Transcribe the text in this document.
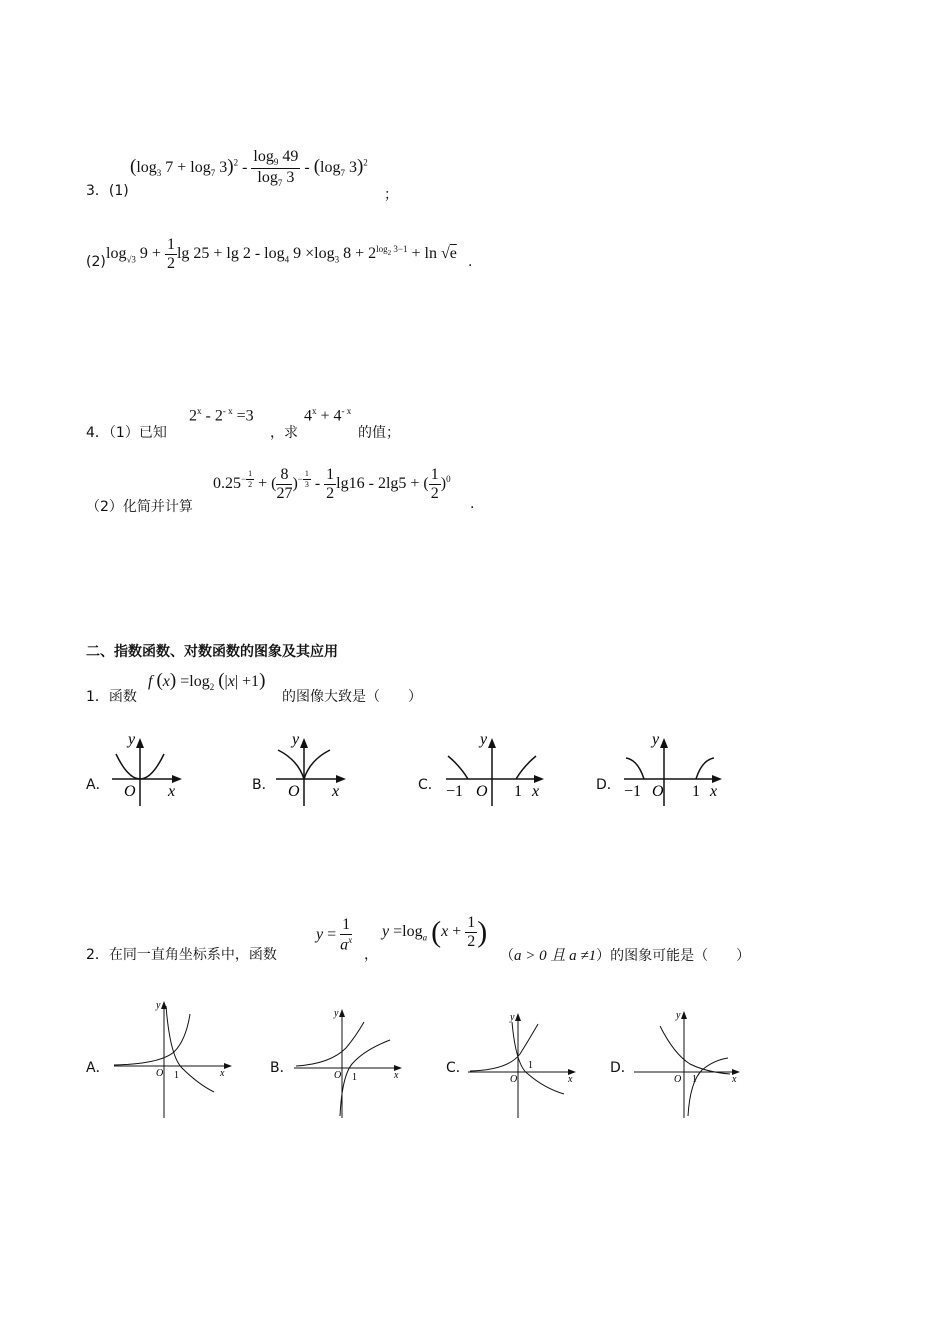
3．(1)
($\log_3$ $7 + \log_7 3)^2 - \frac{\log_9 49}{\log_7 3} - (\log_7$ 3)$^2$
；
(2) $\log_{√3} 9 + \frac{1}{2}$ $\lg 25 + \lg 2 - \log_4 9 \times\log_3$ $8 + 2^{log_2 3-1} + \ln √e$ .
4．（1）已知
$2^x - 2^{- x} =3$
，求
$4^x + 4^{- x}$
的值；
（2）化简并计算
$0.25^{- \frac{1}{2}}$ + ( $\frac{8}{27} )^{- \frac{1}{3}} - \frac{1}{2} \lg 16 - 2\lg 5$ + ( $\frac{1}{2} )^0$
.
二、指数函数、对数函数的图象及其应用
1．函数
f $(x) =\log_2$ (|x| +1)
的图像大致是（　　）
A．
y
O x	B．
y
O x	C．
y
−1 O 1 x	D．
y
−1 O 1 x
2．在同一直角坐标系中，函数
$y = \frac{1}{a^x}$
，
$y =\log_a$ ($x + \frac{1}{2}$ )
（a > 0 且 a ≠1）的图象可能是（　　）
A．
y
O 1	x	B．
y
O 1	x	C．
y
O
1
x
D．
y
O 1	x
